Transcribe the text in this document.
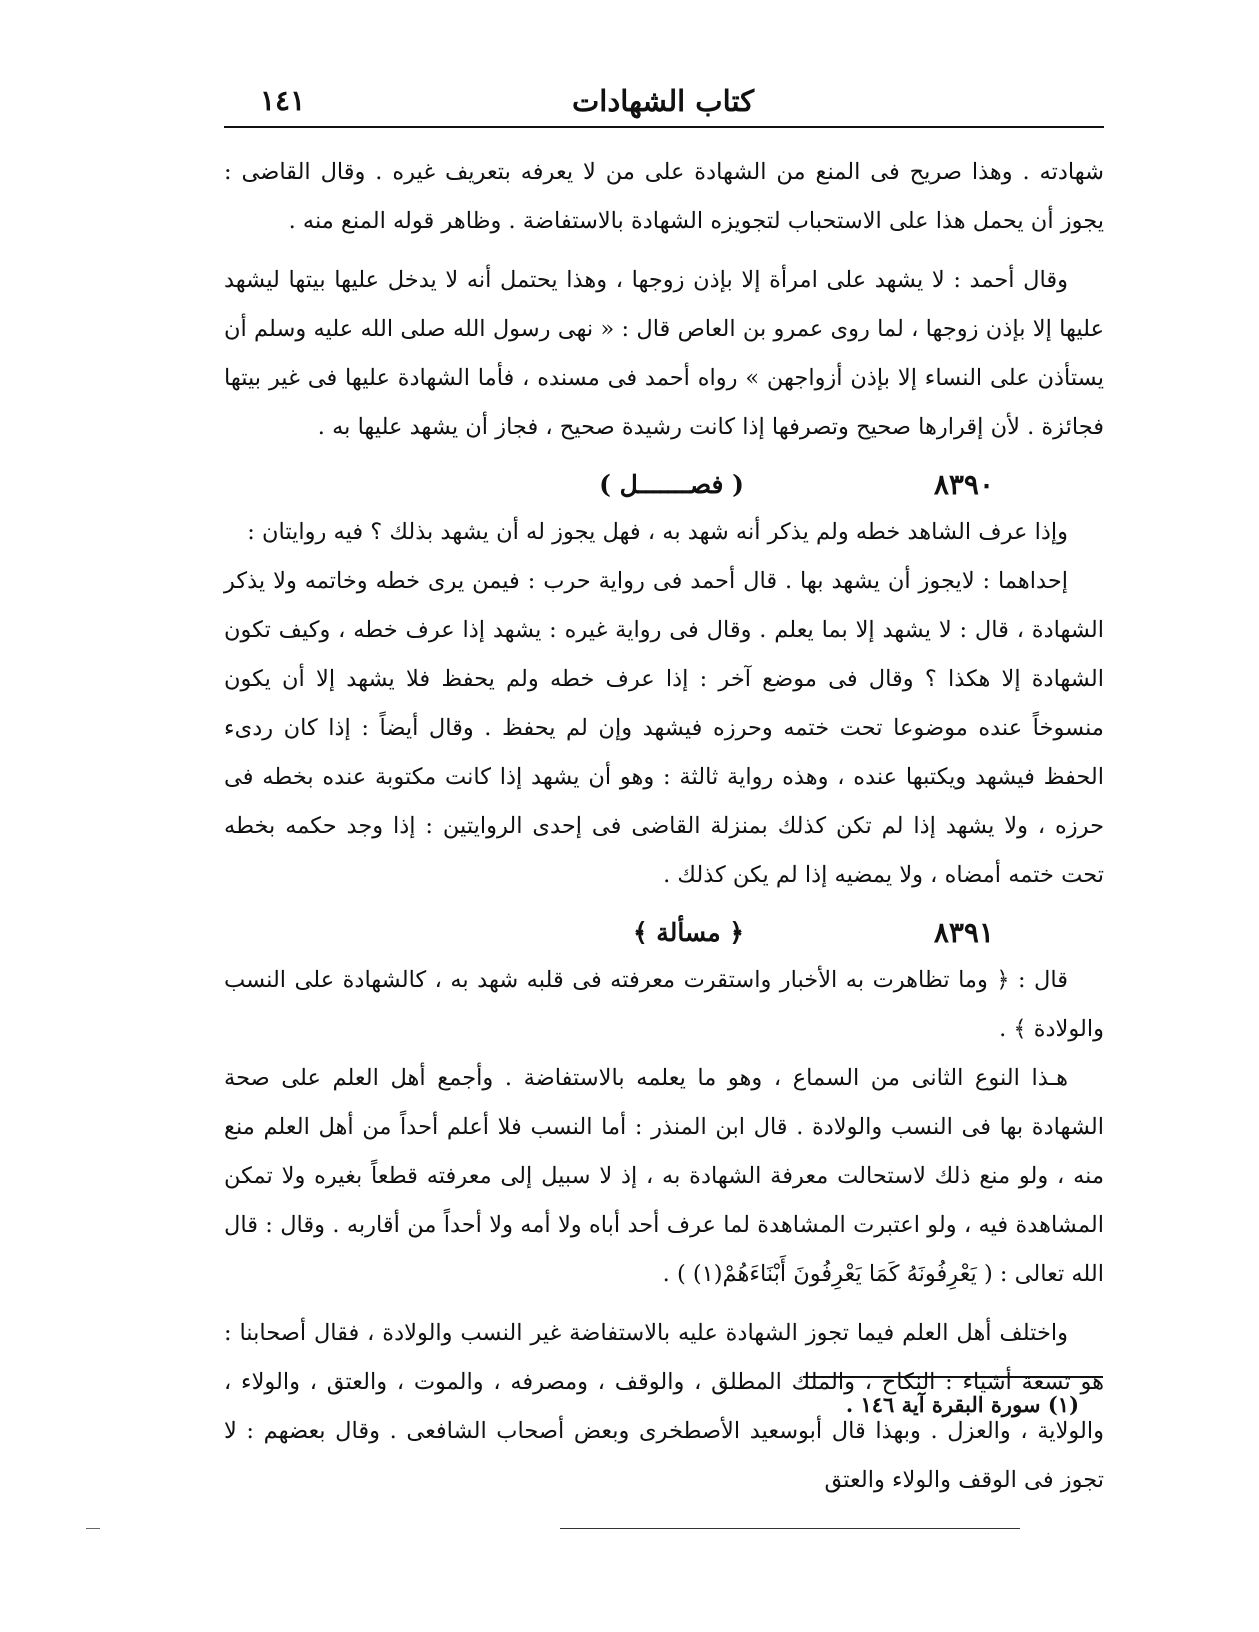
كتاب الشهادات
١٤١

شهادته . وهذا صريح فى المنع من الشهادة على من لا يعرفه بتعريف غيره . وقال القاضى : يجوز أن يحمل هذا على الاستحباب لتجويزه الشهادة بالاستفاضة . وظاهر قوله المنع منه .

وقال أحمد : لا يشهد على امرأة إلا بإذن زوجها ، وهذا يحتمل أنه لا يدخل عليها بيتها ليشهد عليها إلا بإذن زوجها ، لما روى عمرو بن العاص قال : « نهى رسول الله صلى الله عليه وسلم أن يستأذن على النساء إلا بإذن أزواجهن » رواه أحمد فى مسنده ، فأما الشهادة عليها فى غير بيتها فجائزة . لأن إقرارها صحيح وتصرفها إذا كانت رشيدة صحيح ، فجاز أن يشهد عليها به .

٨٣٩٠
( فصـــــــل )

وإذا عرف الشاهد خطه ولم يذكر أنه شهد به ، فهل يجوز له أن يشهد بذلك ؟ فيه روايتان :

إحداهما : لايجوز أن يشهد بها . قال أحمد فى رواية حرب : فيمن يرى خطه وخاتمه ولا يذكر الشهادة ، قال : لا يشهد إلا بما يعلم . وقال فى رواية غيره : يشهد إذا عرف خطه ، وكيف تكون الشهادة إلا هكذا ؟ وقال فى موضع آخر : إذا عرف خطه ولم يحفظ فلا يشهد إلا أن يكون منسوخاً عنده موضوعا تحت ختمه وحرزه فيشهد وإن لم يحفظ . وقال أيضاً : إذا كان ردىء الحفظ فيشهد ويكتبها عنده ، وهذه رواية ثالثة : وهو أن يشهد إذا كانت مكتوبة عنده بخطه فى حرزه ، ولا يشهد إذا لم تكن كذلك بمنزلة القاضى فى إحدى الروايتين : إذا وجد حكمه بخطه تحت ختمه أمضاه ، ولا يمضيه إذا لم يكن كذلك .

٨٣٩١
﴿ مسألة ﴾

قال : ﴿ وما تظاهرت به الأخبار واستقرت معرفته فى قلبه شهد به ، كالشهادة على النسب والولادة ﴾ .

هـذا النوع الثانى من السماع ، وهو ما يعلمه بالاستفاضة . وأجمع أهل العلم على صحة الشهادة بها فى النسب والولادة . قال ابن المنذر : أما النسب فلا أعلم أحداً من أهل العلم منع منه ، ولو منع ذلك لاستحالت معرفة الشهادة به ، إذ لا سبيل إلى معرفته قطعاً بغيره ولا تمكن المشاهدة فيه ، ولو اعتبرت المشاهدة لما عرف أحد أباه ولا أمه ولا أحداً من أقاربه . وقال : قال الله تعالى : ( يَعْرِفُونَهُ كَمَا يَعْرِفُونَ أَبْنَاءَهُمْ(١) ) .

واختلف أهل العلم فيما تجوز الشهادة عليه بالاستفاضة غير النسب والولادة ، فقال أصحابنا : هو تسعة أشياء : النكاح ، والملك المطلق ، والوقف ، ومصرفه ، والموت ، والعتق ، والولاء ، والولاية ، والعزل . وبهذا قال أبوسعيد الأصطخرى وبعض أصحاب الشافعى . وقال بعضهم : لا تجوز فى الوقف والولاء والعتق

(١) سورة البقرة آية ١٤٦ .
